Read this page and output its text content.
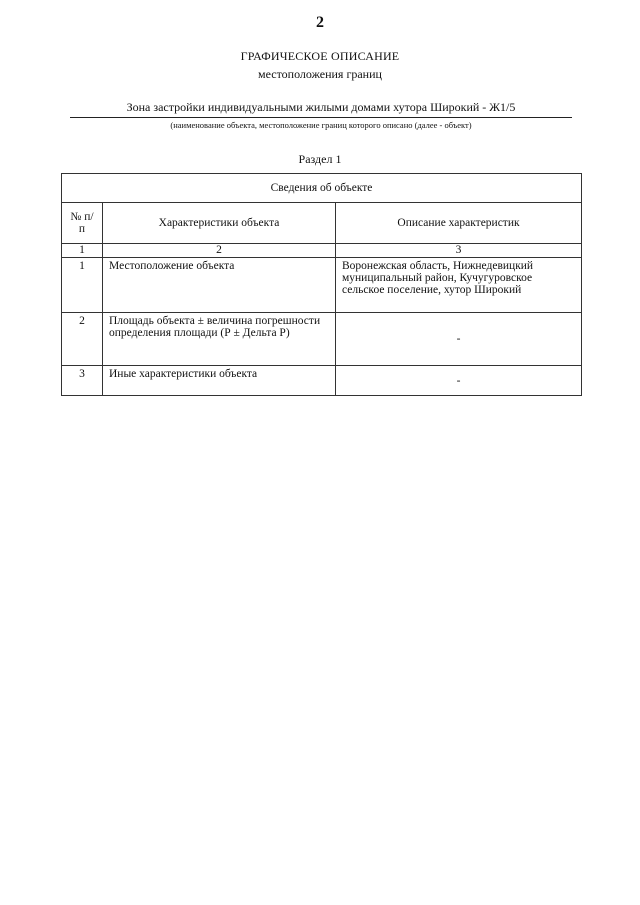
2
ГРАФИЧЕСКОЕ ОПИСАНИЕ
местоположения границ
Зона застройки индивидуальными жилыми домами хутора Широкий - Ж1/5
(наименование объекта, местоположение границ которого описано (далее - объект)
Раздел 1
Сведения об объекте		
№ п/п	Характеристики объекта	Описание характеристик
1	2	3
1	Местоположение объекта	Воронежская область, Нижнедевицкий муниципальный район, Кучугуровское сельское поселение, хутор Широкий
2	Площадь объекта ± величина погрешности определения площади (Р ± Дельта Р)	-
3	Иные характеристики объекта	-
